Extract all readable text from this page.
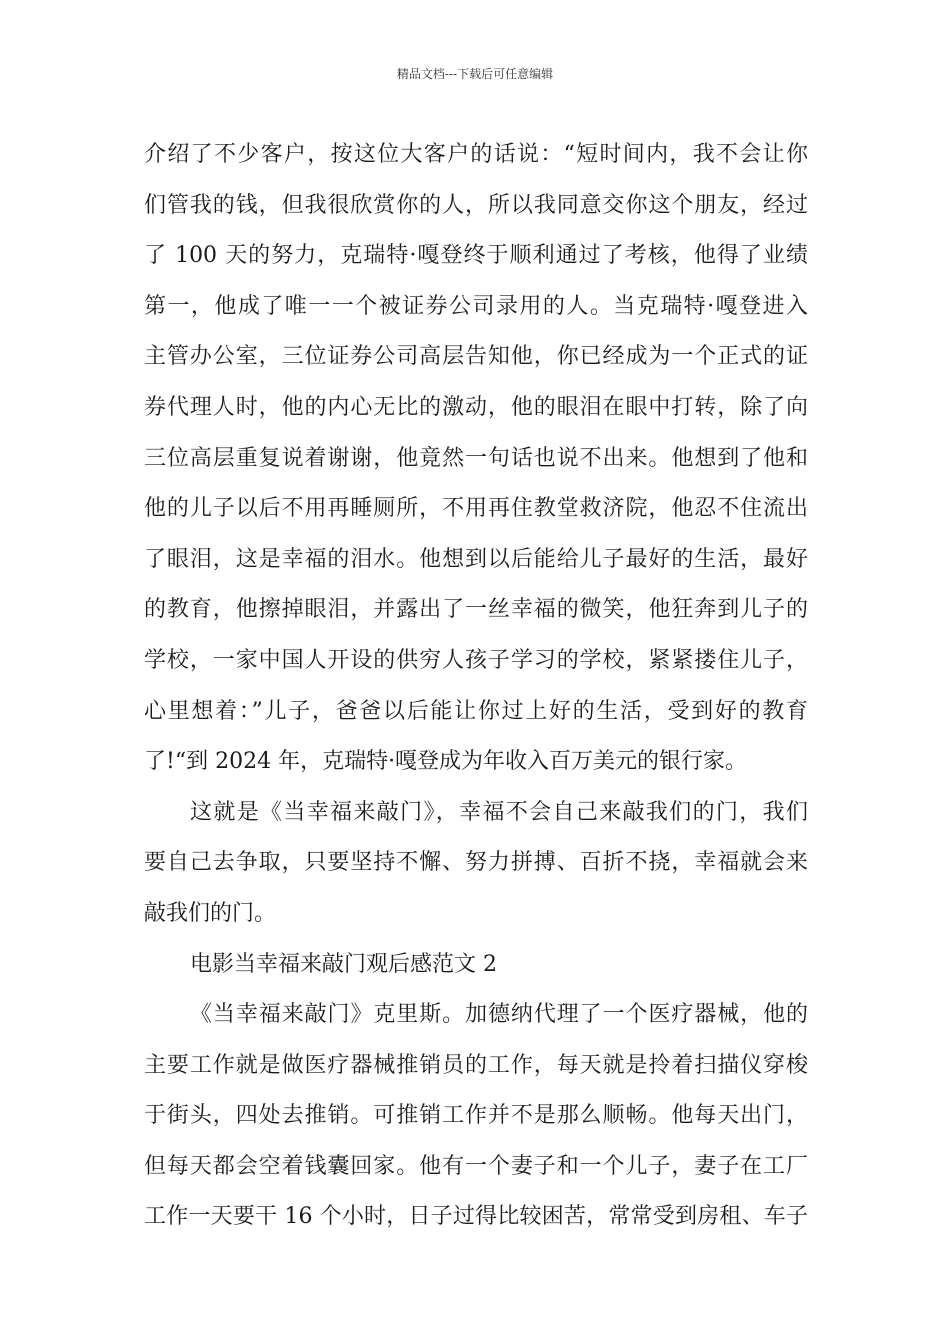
精品文档---下载后可任意编辑
介绍了不少客户，按这位大客户的话说：“短时间内，我不会让你
们管我的钱，但我很欣赏你的人，所以我同意交你这个朋友，经过
了 100 天的努力，克瑞特·嘎登终于顺利通过了考核，他得了业绩
第一，他成了唯一一个被证券公司录用的人。当克瑞特·嘎登进入
主管办公室，三位证券公司高层告知他，你已经成为一个正式的证
券代理人时，他的内心无比的激动，他的眼泪在眼中打转，除了向
三位高层重复说着谢谢，他竟然一句话也说不出来。他想到了他和
他的儿子以后不用再睡厕所，不用再住教堂救济院，他忍不住流出
了眼泪，这是幸福的泪水。他想到以后能给儿子最好的生活，最好
的教育，他擦掉眼泪，并露出了一丝幸福的微笑，他狂奔到儿子的
学校，一家中国人开设的供穷人孩子学习的学校，紧紧搂住儿子，
心里想着：”儿子，爸爸以后能让你过上好的生活，受到好的教育
了!“到 2024 年，克瑞特·嘎登成为年收入百万美元的银行家。
这就是《当幸福来敲门》，幸福不会自己来敲我们的门，我们
要自己去争取，只要坚持不懈、努力拼搏、百折不挠，幸福就会来
敲我们的门。
电影当幸福来敲门观后感范文 2
《当幸福来敲门》克里斯。加德纳代理了一个医疗器械，他的
主要工作就是做医疗器械推销员的工作，每天就是拎着扫描仪穿梭
于街头，四处去推销。可推销工作并不是那么顺畅。他每天出门，
但每天都会空着钱囊回家。他有一个妻子和一个儿子，妻子在工厂
工作一天要干 16 个小时，日子过得比较困苦，常常受到房租、车子
